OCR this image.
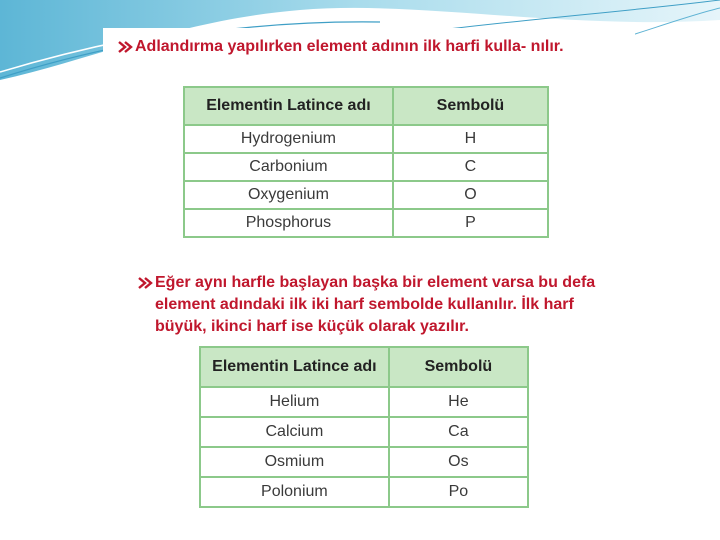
Adlandırma yapılırken element adının ilk harfi kulla- nılır.
Elementin Latince adı	Sembolü
Hydrogenium	H
Carbonium	C
Oxygenium	O
Phosphorus	P
Eğer aynı harfle başlayan başka bir element varsa bu defa element adındaki ilk iki harf sembolde kullanılır. İlk harf büyük, ikinci harf ise küçük olarak yazılır.
Elementin Latince adı	Sembolü
Helium	He
Calcium	Ca
Osmium	Os
Polonium	Po
